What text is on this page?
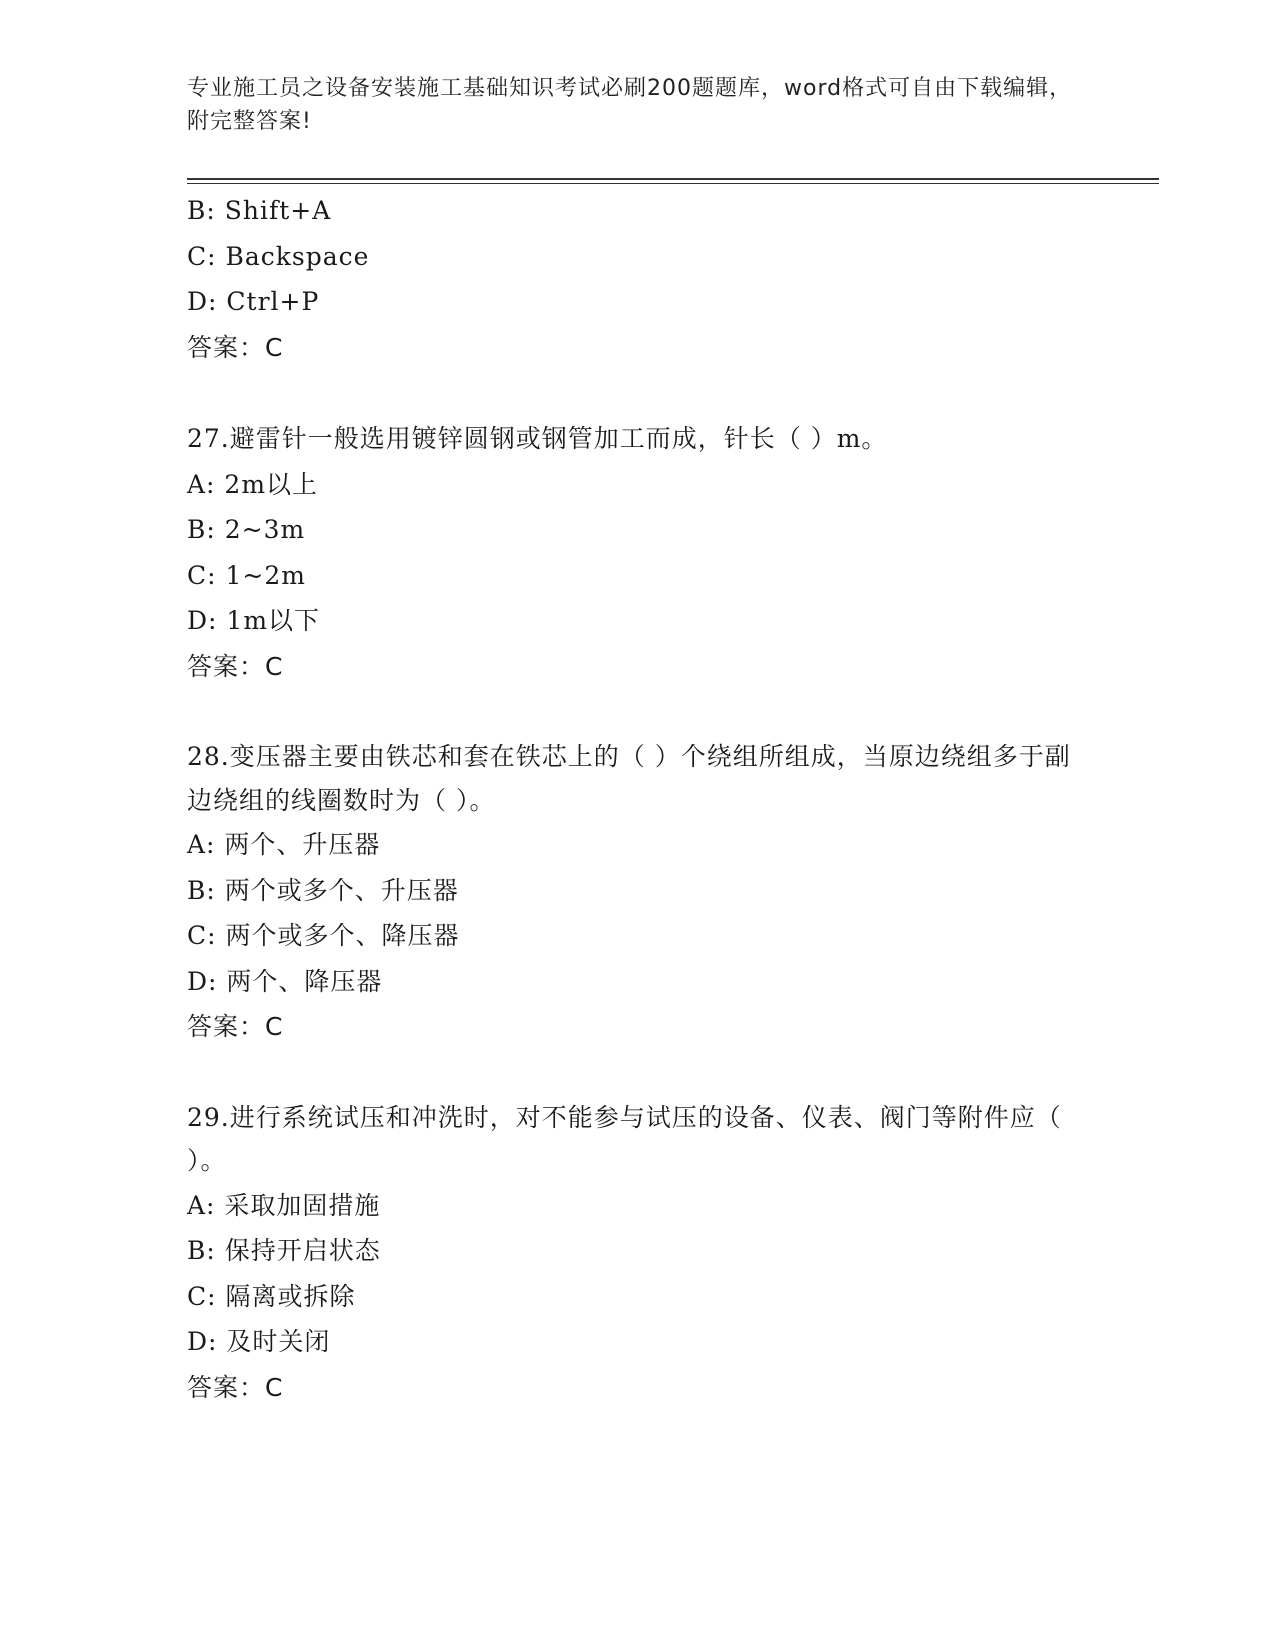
专业施工员之设备安装施工基础知识考试必刷200题题库，word格式可自由下载编辑，附完整答案!
B: Shift+A
C: Backspace
D: Ctrl+P
答案：C
27.避雷针一般选用镀锌圆钢或钢管加工而成，针长（ ）m。
A: 2m以上
B: 2~3m
C: 1~2m
D: 1m以下
答案：C
28.变压器主要由铁芯和套在铁芯上的（ ）个绕组所组成，当原边绕组多于副边绕组的线圈数时为（ ）。
A: 两个、升压器
B: 两个或多个、升压器
C: 两个或多个、降压器
D: 两个、降压器
答案：C
29.进行系统试压和冲洗时，对不能参与试压的设备、仪表、阀门等附件应（ ）。
A: 采取加固措施
B: 保持开启状态
C: 隔离或拆除
D: 及时关闭
答案：C
